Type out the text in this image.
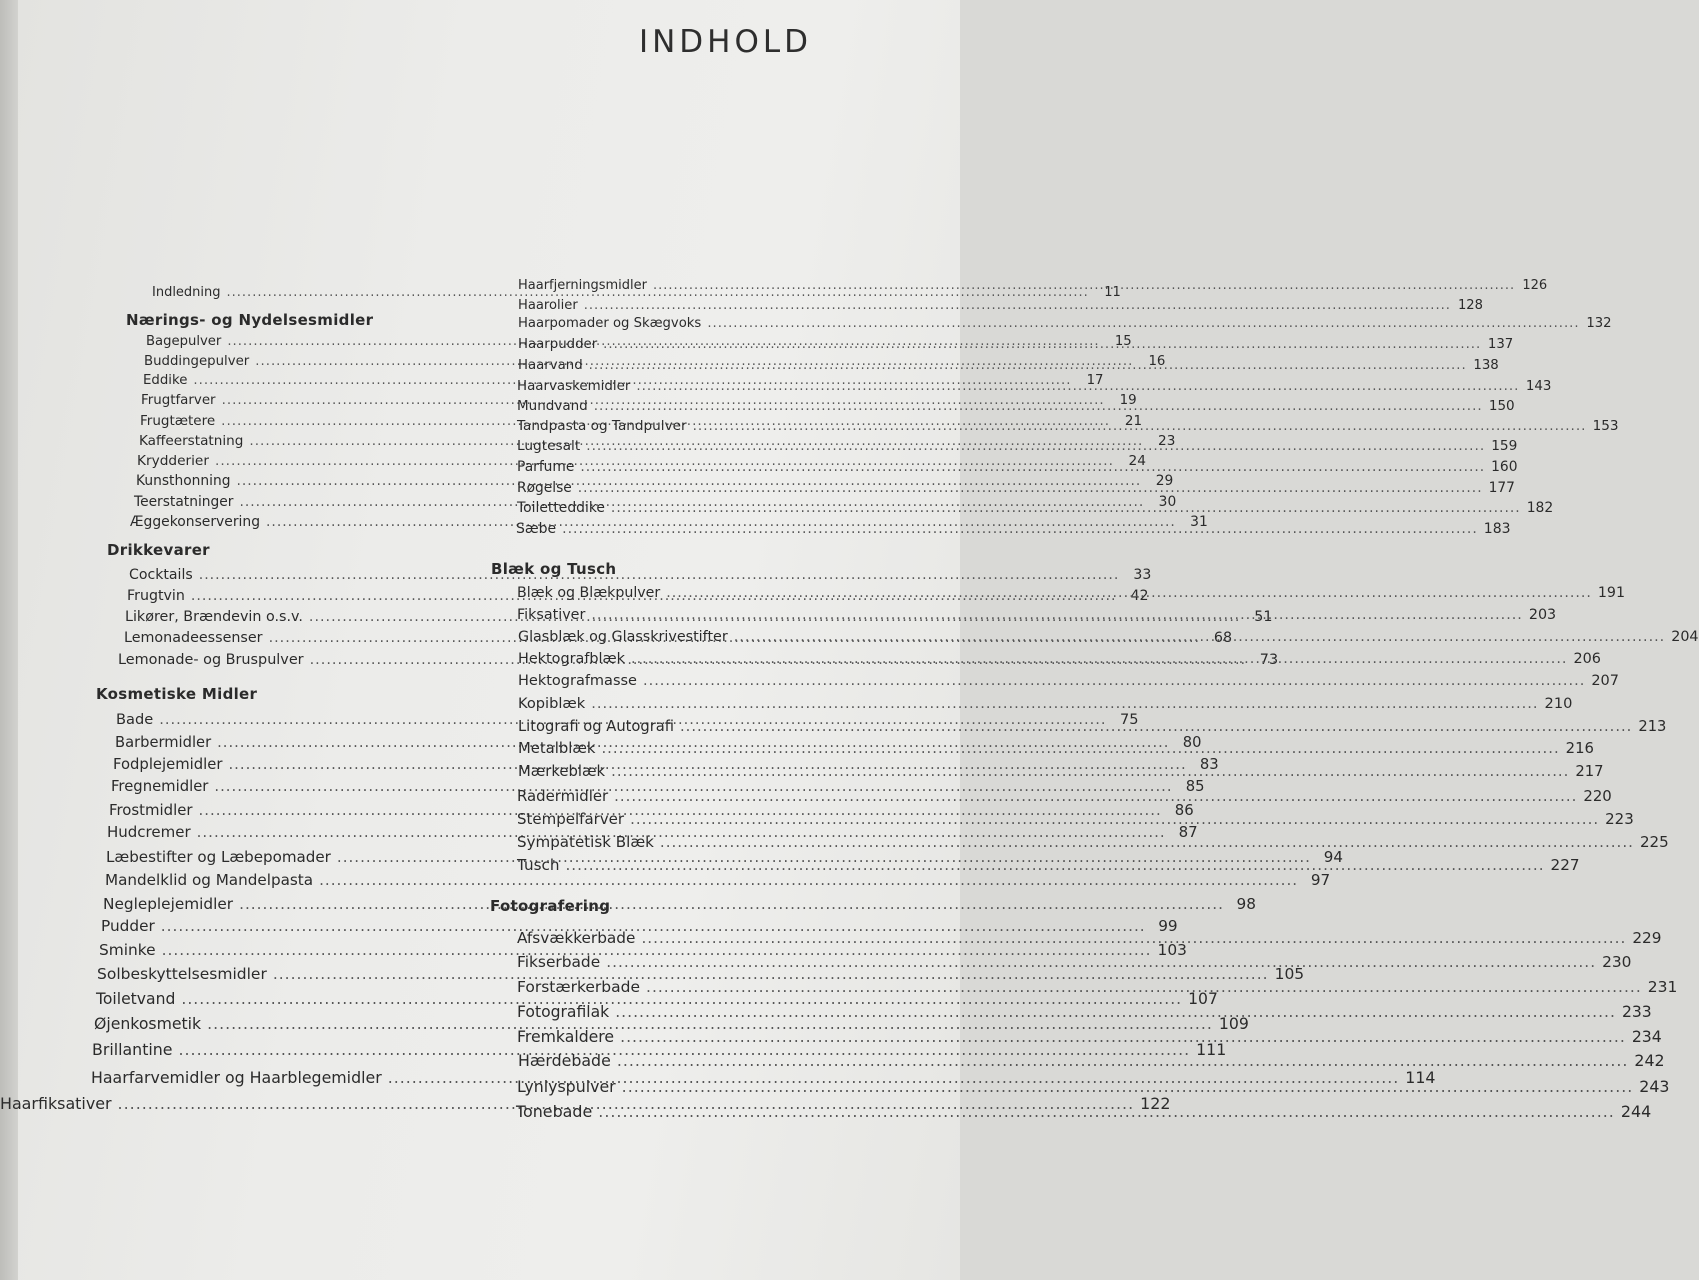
INDHOLD
Indledning .....	11
Nærings- og Nydelsesmidler
Bagepulver .....	15
Buddingepulver .....	16
Eddike .....	17
Frugtfarver .....	19
Frugtætere .....	21
Kaffeerstatning .....	23
Krydderier .....	24
Kunsthonning .....	29
Teerstatninger .....	30
Æggekonservering .....	31
Drikkevarer
Cocktails .....	33
Frugtvin .....	42
Likører, Brændevin o.s.v. .....	51
Lemonadeessenser .....	68
Lemonade- og Bruspulver .....	73
Kosmetiske Midler
Bade .....	75
Barbermidler .....	80
Fodplejemidler .....	83
Fregnemidler .....	85
Frostmidler .....	86
Hudcremer .....	87
Læbestifter og Læbepomader .....	94
Mandelklid og Mandelpasta .....	97
Negleplejemidler .....	98
Pudder .....	99
Sminke .....	103
Solbeskyttelsesmidler .....	105
Toiletvand .....	107
Øjenkosmetik .....	109
Brillantine .....	111
Haarfarvemidler og Haarblegemidler .....	114
Haarfiksativer .....	122
Haarfjerningsmidler .....	126
Haarolier .....	128
Haarpomader og Skægvoks .....	132
Haarpudder .....	137
Haarvand .....	138
Haarvaskemidler .....	143
Mundvand .....	150
Tandpasta og Tandpulver .....	153
Lugtesalt .....	159
Parfume .....	160
Røgelse .....	177
Toiletteddike .....	182
Sæbe .....	183
Blæk og Tusch
Blæk og Blækpulver .....	191
Fiksativer .....	203
Glasblæk og Glasskrivestifter .....	204
Hektografblæk .....	206
Hektografmasse .....	207
Kopiblæk .....	210
Litografi og Autografi .....	213
Metalblæk .....	216
Mærkeblæk .....	217
Radermidler .....	220
Stempelfarver .....	223
Sympatetisk Blæk .....	225
Tusch .....	227
Fotografering
Afsvækkerbade .....	229
Fikserbade .....	230
Forstærkerbade .....	231
Fotografilak .....	233
Fremkaldere .....	234
Hærdebade .....	242
Lynlyspulver .....	243
Tonebade .....	244
